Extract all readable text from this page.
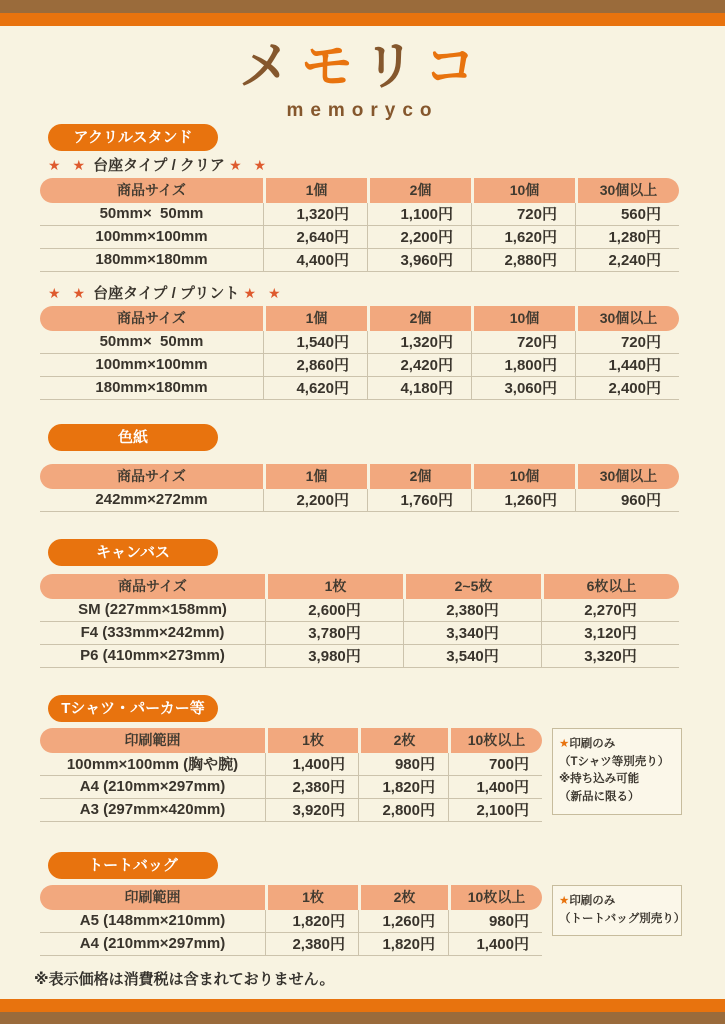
メモリコ
memoryco
アクリルスタンド
★ ★ 台座タイプ / クリア ★ ★
商品サイズ	1個	2個	10個	30個以上
50mm×  50mm	1,320円	1,100円	720円	560円
100mm×100mm	2,640円	2,200円	1,620円	1,280円
180mm×180mm	4,400円	3,960円	2,880円	2,240円
★ ★ 台座タイプ / プリント ★ ★
商品サイズ	1個	2個	10個	30個以上
50mm×  50mm	1,540円	1,320円	720円	720円
100mm×100mm	2,860円	2,420円	1,800円	1,440円
180mm×180mm	4,620円	4,180円	3,060円	2,400円
色紙
商品サイズ	1個	2個	10個	30個以上
242mm×272mm	2,200円	1,760円	1,260円	960円
キャンバス
商品サイズ	1枚	2~5枚	6枚以上
SM (227mm×158mm)	2,600円	2,380円	2,270円
F4 (333mm×242mm)	3,780円	3,340円	3,120円
P6 (410mm×273mm)	3,980円	3,540円	3,320円
Tシャツ・パーカー等
印刷範囲	1枚	2枚	10枚以上
100mm×100mm (胸や腕)	1,400円	980円	700円
A4 (210mm×297mm)	2,380円	1,820円	1,400円
A3 (297mm×420mm)	3,920円	2,800円	2,100円
★印刷のみ
（Tシャツ等別売り）
※持ち込み可能
（新品に限る）
トートバッグ
印刷範囲	1枚	2枚	10枚以上
A5 (148mm×210mm)	1,820円	1,260円	980円
A4 (210mm×297mm)	2,380円	1,820円	1,400円
★印刷のみ
（トートバッグ別売り）
※表示価格は消費税は含まれておりません。
